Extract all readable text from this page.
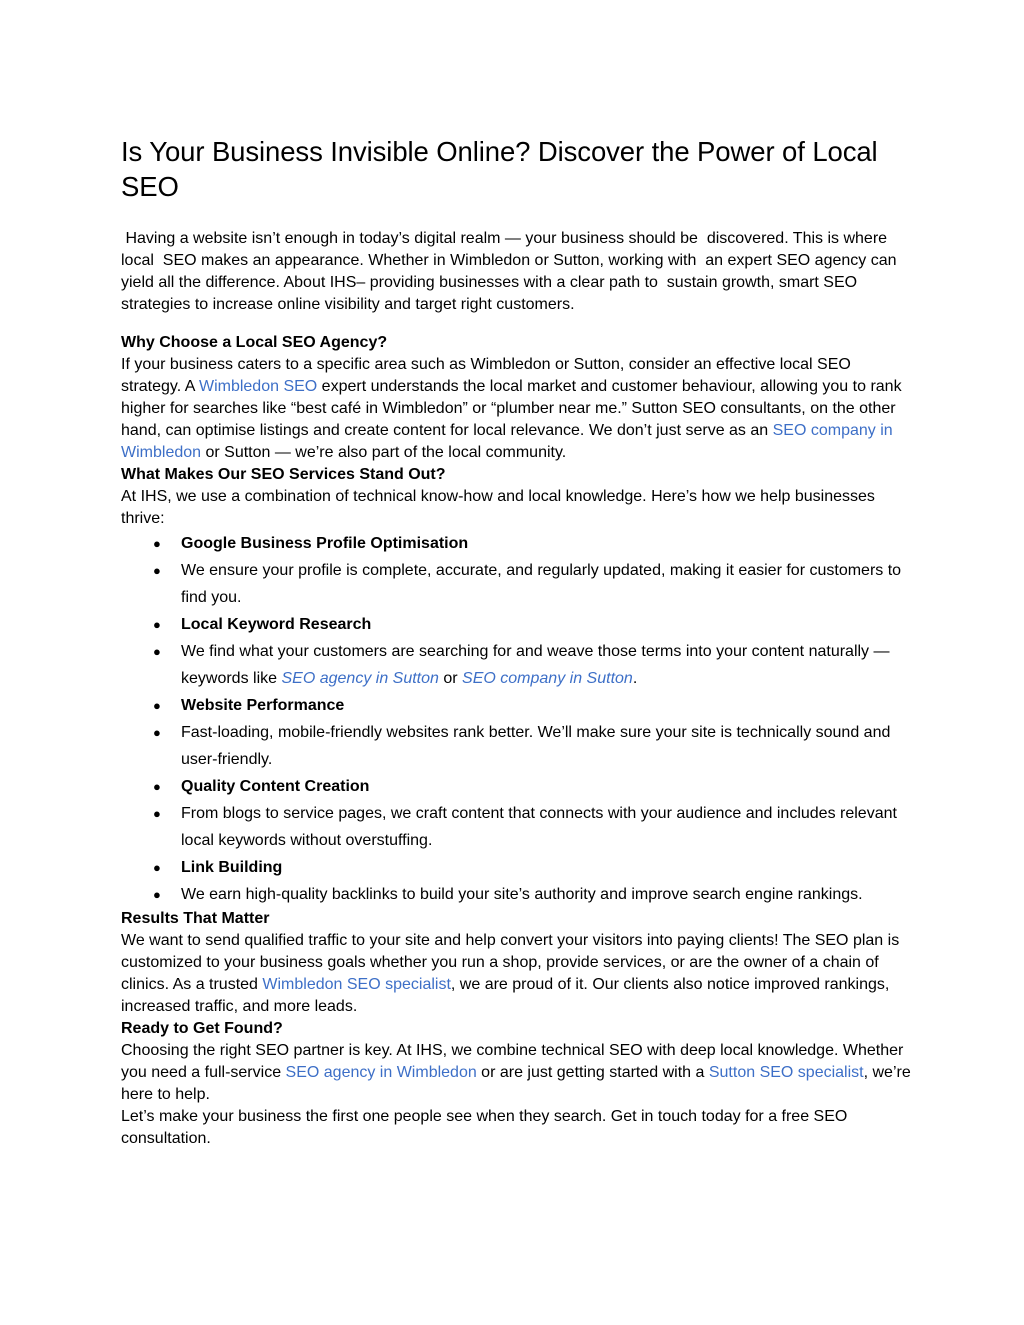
Is Your Business Invisible Online? Discover the Power of Local SEO

Having a website isn’t enough in today’s digital realm — your business should be  discovered. This is where local  SEO makes an appearance. Whether in Wimbledon or Sutton, working with  an expert SEO agency can yield all the difference. About IHS– providing businesses with a clear path to  sustain growth, smart SEO strategies to increase online visibility and target right customers.

Why Choose a Local SEO Agency?

If your business caters to a specific area such as Wimbledon or Sutton, consider an effective local SEO strategy. A Wimbledon SEO expert understands the local market and customer behaviour, allowing you to rank higher for searches like “best café in Wimbledon” or “plumber near me.” Sutton SEO consultants, on the other hand, can optimise listings and create content for local relevance. We don’t just serve as an SEO company in Wimbledon or Sutton — we’re also part of the local community.

What Makes Our SEO Services Stand Out?

At IHS, we use a combination of technical know-how and local knowledge. Here’s how we help businesses thrive:

● Google Business Profile Optimisation
● We ensure your profile is complete, accurate, and regularly updated, making it easier for customers to find you.
● Local Keyword Research
● We find what your customers are searching for and weave those terms into your content naturally — keywords like SEO agency in Sutton or SEO company in Sutton.
● Website Performance
● Fast-loading, mobile-friendly websites rank better. We’ll make sure your site is technically sound and user-friendly.
● Quality Content Creation
● From blogs to service pages, we craft content that connects with your audience and includes relevant local keywords without overstuffing.
● Link Building
● We earn high-quality backlinks to build your site’s authority and improve search engine rankings.
Results That Matter

We want to send qualified traffic to your site and help convert your visitors into paying clients! The SEO plan is customized to your business goals whether you run a shop, provide services, or are the owner of a chain of clinics. As a trusted Wimbledon SEO specialist, we are proud of it. Our clients also notice improved rankings, increased traffic, and more leads.

Ready to Get Found?

Choosing the right SEO partner is key. At IHS, we combine technical SEO with deep local knowledge. Whether you need a full-service SEO agency in Wimbledon or are just getting started with a Sutton SEO specialist, we’re here to help.

Let’s make your business the first one people see when they search. Get in touch today for a free SEO consultation.
